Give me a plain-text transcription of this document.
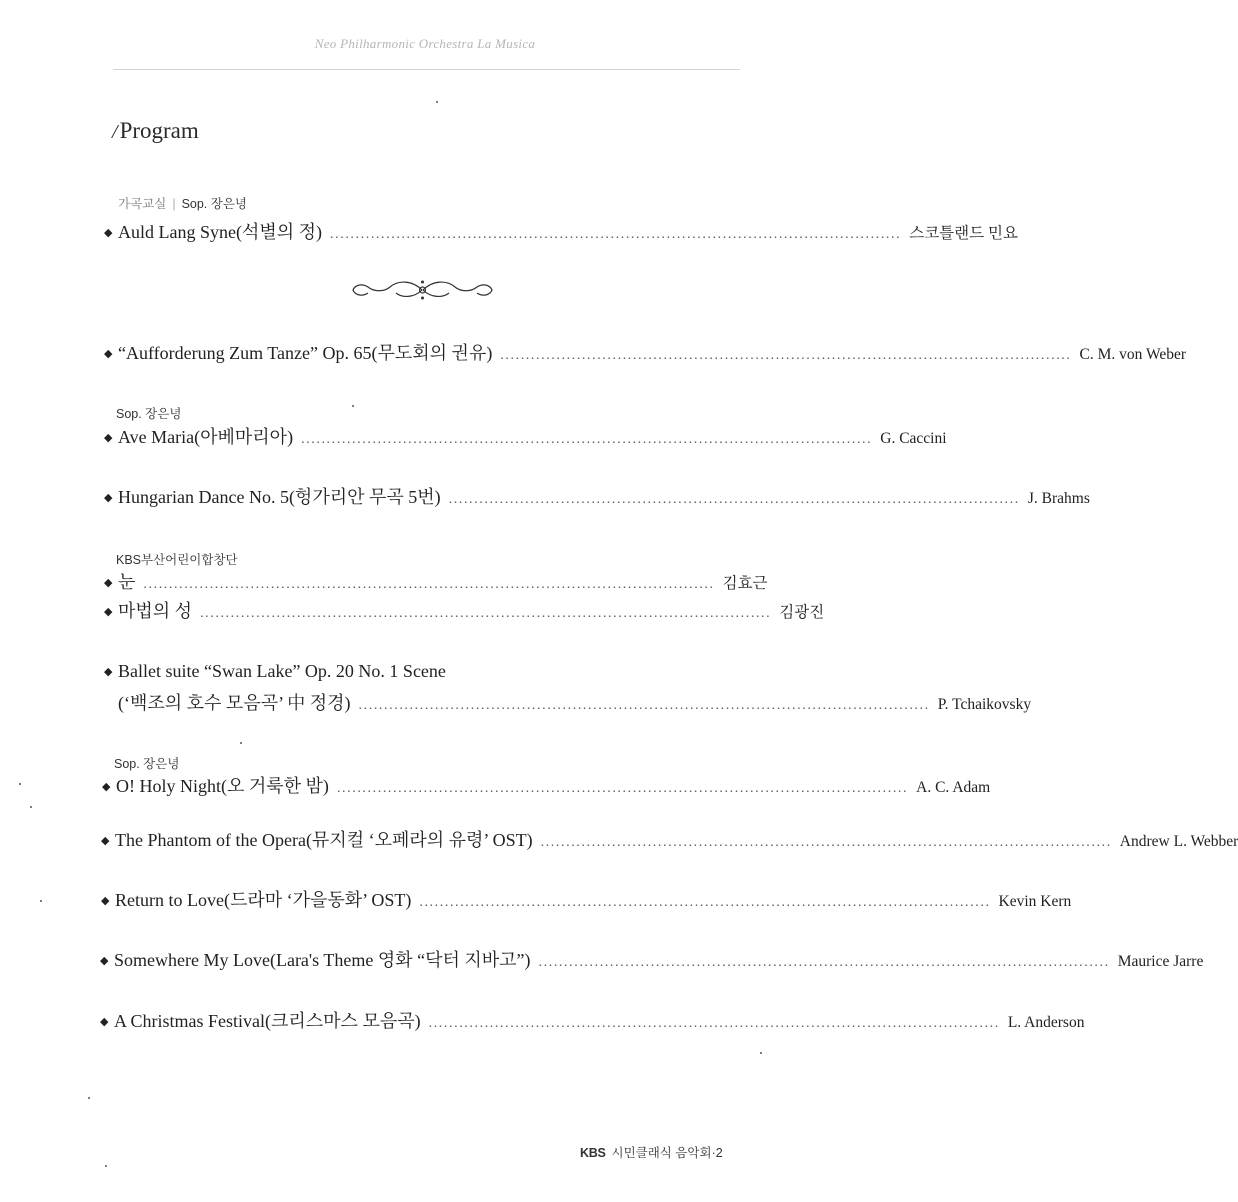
Neo Philharmonic Orchestra La Musica
/Program
가곡교실 | Sop. 장은녕
◆ Auld Lang Syne(석별의 정) ................................................................................................................ 스코틀랜드 민요
◆ “Aufforderung Zum Tanze” Op. 65(무도회의 권유) ................................................................................................................ C. M. von Weber
Sop. 장은녕
◆ Ave Maria(아베마리아) ................................................................................................................ G. Caccini
◆ Hungarian Dance No. 5(헝가리안 무곡 5번) ................................................................................................................ J. Brahms
KBS부산어린이합창단
◆ 눈 ................................................................................................................ 김효근
◆ 마법의 성 ................................................................................................................ 김광진
◆ Ballet suite “Swan Lake” Op. 20 No. 1 Scene
(‘백조의 호수 모음곡’ 中 정경) ................................................................................................................ P. Tchaikovsky
Sop. 장은녕
◆ O! Holy Night(오 거룩한 밤) ................................................................................................................ A. C. Adam
◆ The Phantom of the Opera(뮤지컬 ‘오페라의 유령’ OST) ................................................................................................................ Andrew L. Webber
◆ Return to Love(드라마 ‘가을동화’ OST) ................................................................................................................ Kevin Kern
◆ Somewhere My Love(Lara's Theme 영화 “닥터 지바고”) ................................................................................................................ Maurice Jarre
◆ A Christmas Festival(크리스마스 모음곡) ................................................................................................................ L. Anderson
KBS 시민클래식 음악회·2
